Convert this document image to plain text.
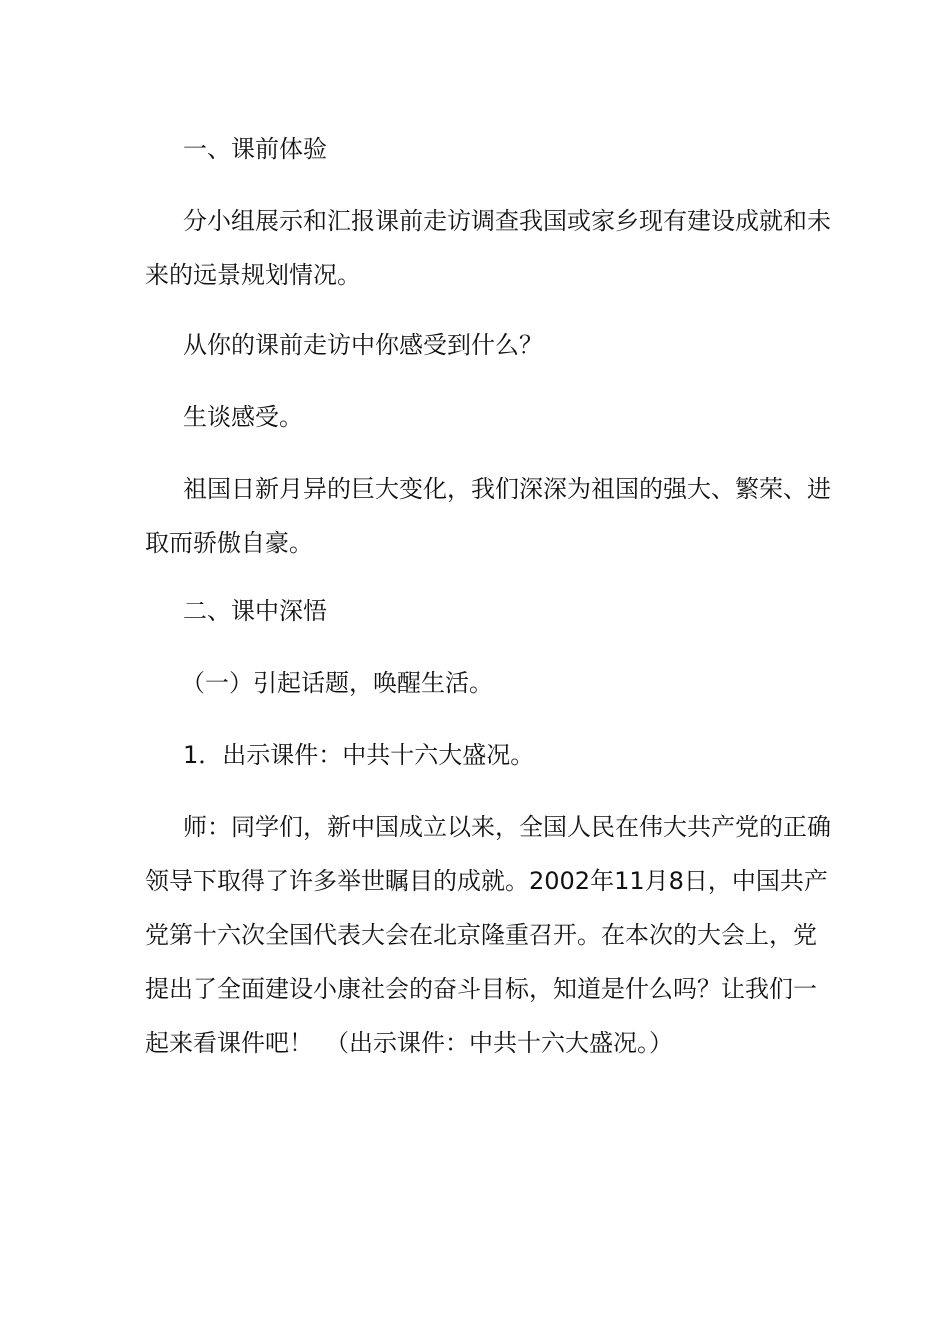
一、课前体验

分小组展示和汇报课前走访调查我国或家乡现有建设成就和未来的远景规划情况。

从你的课前走访中你感受到什么？

生谈感受。

祖国日新月异的巨大变化，我们深深为祖国的强大、繁荣、进取而骄傲自豪。

二、课中深悟

（一）引起话题，唤醒生活。

1．出示课件：中共十六大盛况。

师：同学们，新中国成立以来，全国人民在伟大共产党的正确领导下取得了许多举世瞩目的成就。2002年11月8日，中国共产党第十六次全国代表大会在北京隆重召开。在本次的大会上，党提出了全面建设小康社会的奋斗目标，知道是什么吗？让我们一起来看课件吧！　（出示课件：中共十六大盛况。）
